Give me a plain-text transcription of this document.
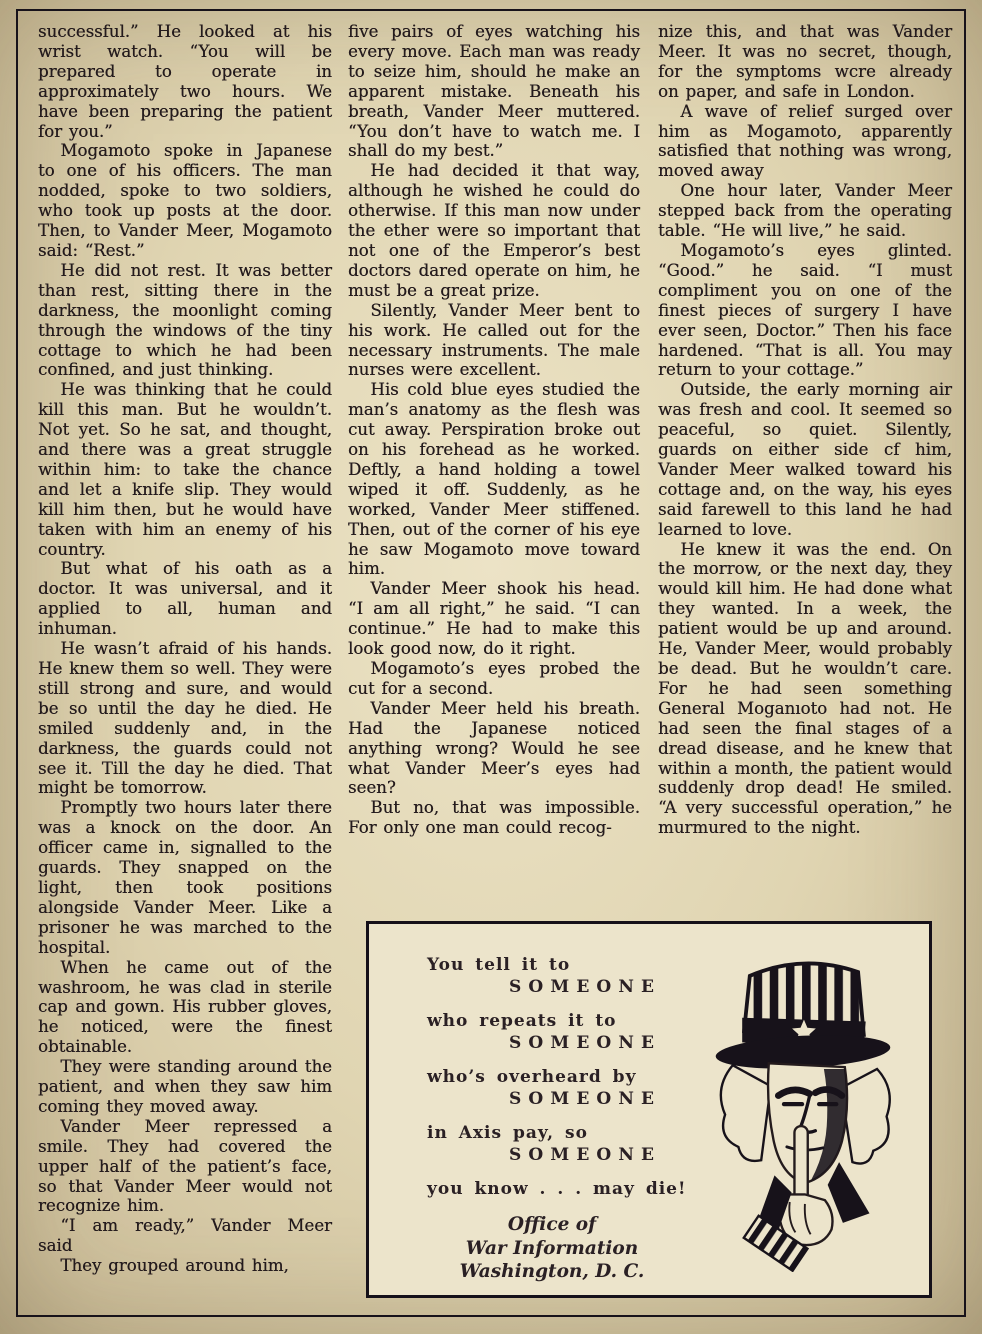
successful.” He looked at his wrist watch. “You will be prepared to operate in approximately two hours. We have been preparing the patient for you.”

Mogamoto spoke in Japanese to one of his officers. The man nodded, spoke to two soldiers, who took up posts at the door. Then, to Vander Meer, Mogamoto said: “Rest.”

He did not rest. It was better than rest, sitting there in the darkness, the moonlight coming through the windows of the tiny cottage to which he had been confined, and just thinking.

He was thinking that he could kill this man. But he wouldn’t. Not yet. So he sat, and thought, and there was a great struggle within him: to take the chance and let a knife slip. They would kill him then, but he would have taken with him an enemy of his country.

But what of his oath as a doctor. It was universal, and it applied to all, human and inhuman.

He wasn’t afraid of his hands. He knew them so well. They were still strong and sure, and would be so until the day he died. He smiled suddenly and, in the darkness, the guards could not see it. Till the day he died. That might be tomorrow.

Promptly two hours later there was a knock on the door. An officer came in, signalled to the guards. They snapped on the light, then took positions alongside Vander Meer. Like a prisoner he was marched to the hospital.

When he came out of the washroom, he was clad in sterile cap and gown. His rubber gloves, he noticed, were the finest obtainable.

They were standing around the patient, and when they saw him coming they moved away.

Vander Meer repressed a smile. They had covered the upper half of the patient’s face, so that Vander Meer would not recognize him.

“I am ready,” Vander Meer said

They grouped around him,

five pairs of eyes watching his every move. Each man was ready to seize him, should he make an apparent mistake. Beneath his breath, Vander Meer muttered. “You don’t have to watch me. I shall do my best.”

He had decided it that way, although he wished he could do otherwise. If this man now under the ether were so important that not one of the Emperor’s best doctors dared operate on him, he must be a great prize.

Silently, Vander Meer bent to his work. He called out for the necessary instruments. The male nurses were excellent.

His cold blue eyes studied the man’s anatomy as the flesh was cut away. Perspiration broke out on his forehead as he worked. Deftly, a hand holding a towel wiped it off. Suddenly, as he worked, Vander Meer stiffened. Then, out of the corner of his eye he saw Mogamoto move toward him.

Vander Meer shook his head. “I am all right,” he said. “I can continue.” He had to make this look good now, do it right.

Mogamoto’s eyes probed the cut for a second.

Vander Meer held his breath. Had the Japanese noticed anything wrong? Would he see what Vander Meer’s eyes had seen?

But no, that was impossible. For only one man could recog-

nize this, and that was Vander Meer. It was no secret, though, for the symptoms wcre already on paper, and safe in London.

A wave of relief surged over him as Mogamoto, apparently satisfied that nothing was wrong, moved away

One hour later, Vander Meer stepped back from the operating table. “He will live,” he said.

Mogamoto’s eyes glinted. “Good.” he said. “I must compliment you on one of the finest pieces of surgery I have ever seen, Doctor.” Then his face hardened. “That is all. You may return to your cottage.”

Outside, the early morning air was fresh and cool. It seemed so peaceful, so quiet. Silently, guards on either side cf him, Vander Meer walked toward his cottage and, on the way, his eyes said farewell to this land he had learned to love.

He knew it was the end. On the morrow, or the next day, they would kill him. He had done what they wanted. In a week, the patient would be up and around. He, Vander Meer, would probably be dead. But he wouldn’t care. For he had seen something General Moganıoto had not. He had seen the final stages of a dread disease, and he knew that within a month, the patient would suddenly drop dead! He smiled. “A very successful operation,” he murmured to the night.

You tell it to
SOMEONE
who repeats it to
SOMEONE
who’s overheard by
SOMEONE
in Axis pay, so
SOMEONE
you know . . . may die!
Office of
War Information
Washington, D. C.
